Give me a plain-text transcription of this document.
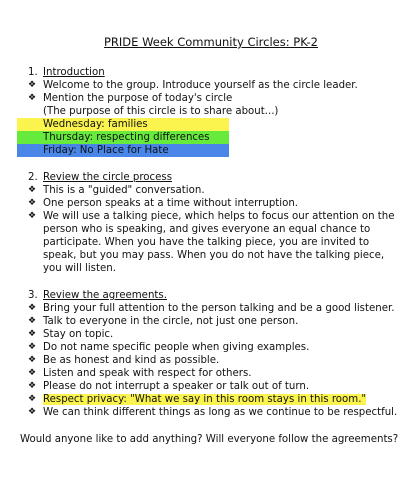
PRIDE Week Community Circles: PK-2
1. Introduction
❖ Welcome to the group. Introduce yourself as the circle leader.
❖ Mention the purpose of today's circle
(The purpose of this circle is to share about...)
Wednesday: families
Thursday: respecting differences
Friday: No Place for Hate
2. Review the circle process
❖ This is a "guided" conversation.
❖ One person speaks at a time without interruption.
❖ We will use a talking piece, which helps to focus our attention on the person who is speaking, and gives everyone an equal chance to participate. When you have the talking piece, you are invited to speak, but you may pass. When you do not have the talking piece, you will listen.
3. Review the agreements.
❖ Bring your full attention to the person talking and be a good listener.
❖ Talk to everyone in the circle, not just one person.
❖ Stay on topic.
❖ Do not name specific people when giving examples.
❖ Be as honest and kind as possible.
❖ Listen and speak with respect for others.
❖ Please do not interrupt a speaker or talk out of turn.
❖ Respect privacy: "What we say in this room stays in this room."
❖ We can think different things as long as we continue to be respectful.
Would anyone like to add anything? Will everyone follow the agreements?
